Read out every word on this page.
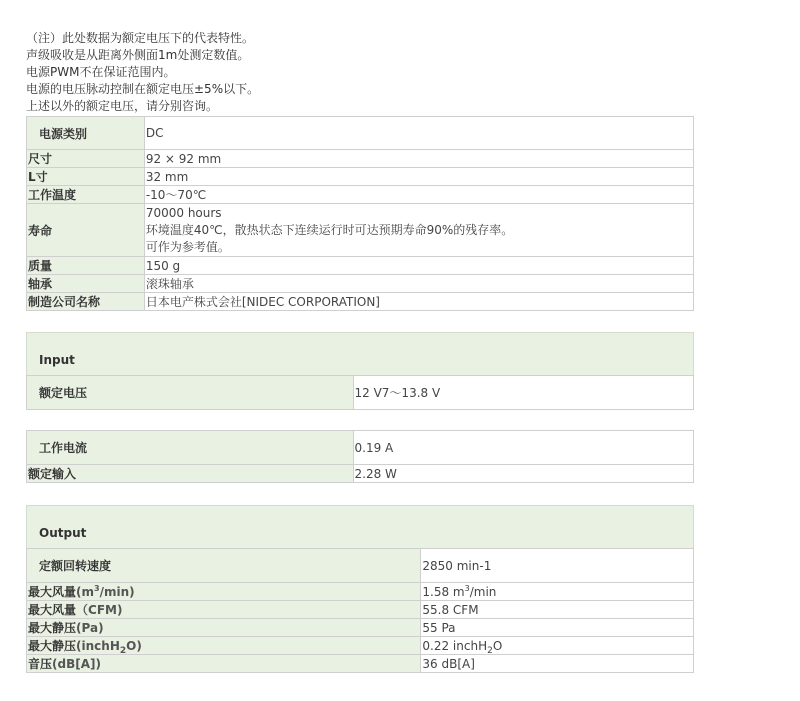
（注）此处数据为额定电压下的代表特性。
声级吸收是从距离外侧面1m处测定数值。
电源PWM不在保证范围内。
电源的电压脉动控制在额定电压±5%以下。
上述以外的额定电压，请分别咨询。
电源类别	DC
尺寸	92 × 92 mm
L寸	32 mm
工作温度	-10～70℃
寿命	70000 hours
环境温度40℃，散热状态下连续运行时可达预期寿命90%的残存率。
可作为参考值。

质量	150 g
轴承	滚珠轴承
制造公司名称	日本电产株式会社[NIDEC CORPORATION]
Input
额定电压	12 V7～13.8 V
工作电流	0.19 A
额定输入	2.28 W
Output
定额回转速度	2850 min-1
最大风量$(m^3/\min)$	1.58 $m^3/\min$
最大风量（CFM)	55.8 CFM
最大静压(Pa)	55 Pa
最大静压(inchH$_2$O)	0.22 inchH$_2$O
音压(dB[A])	36 dB[A]
